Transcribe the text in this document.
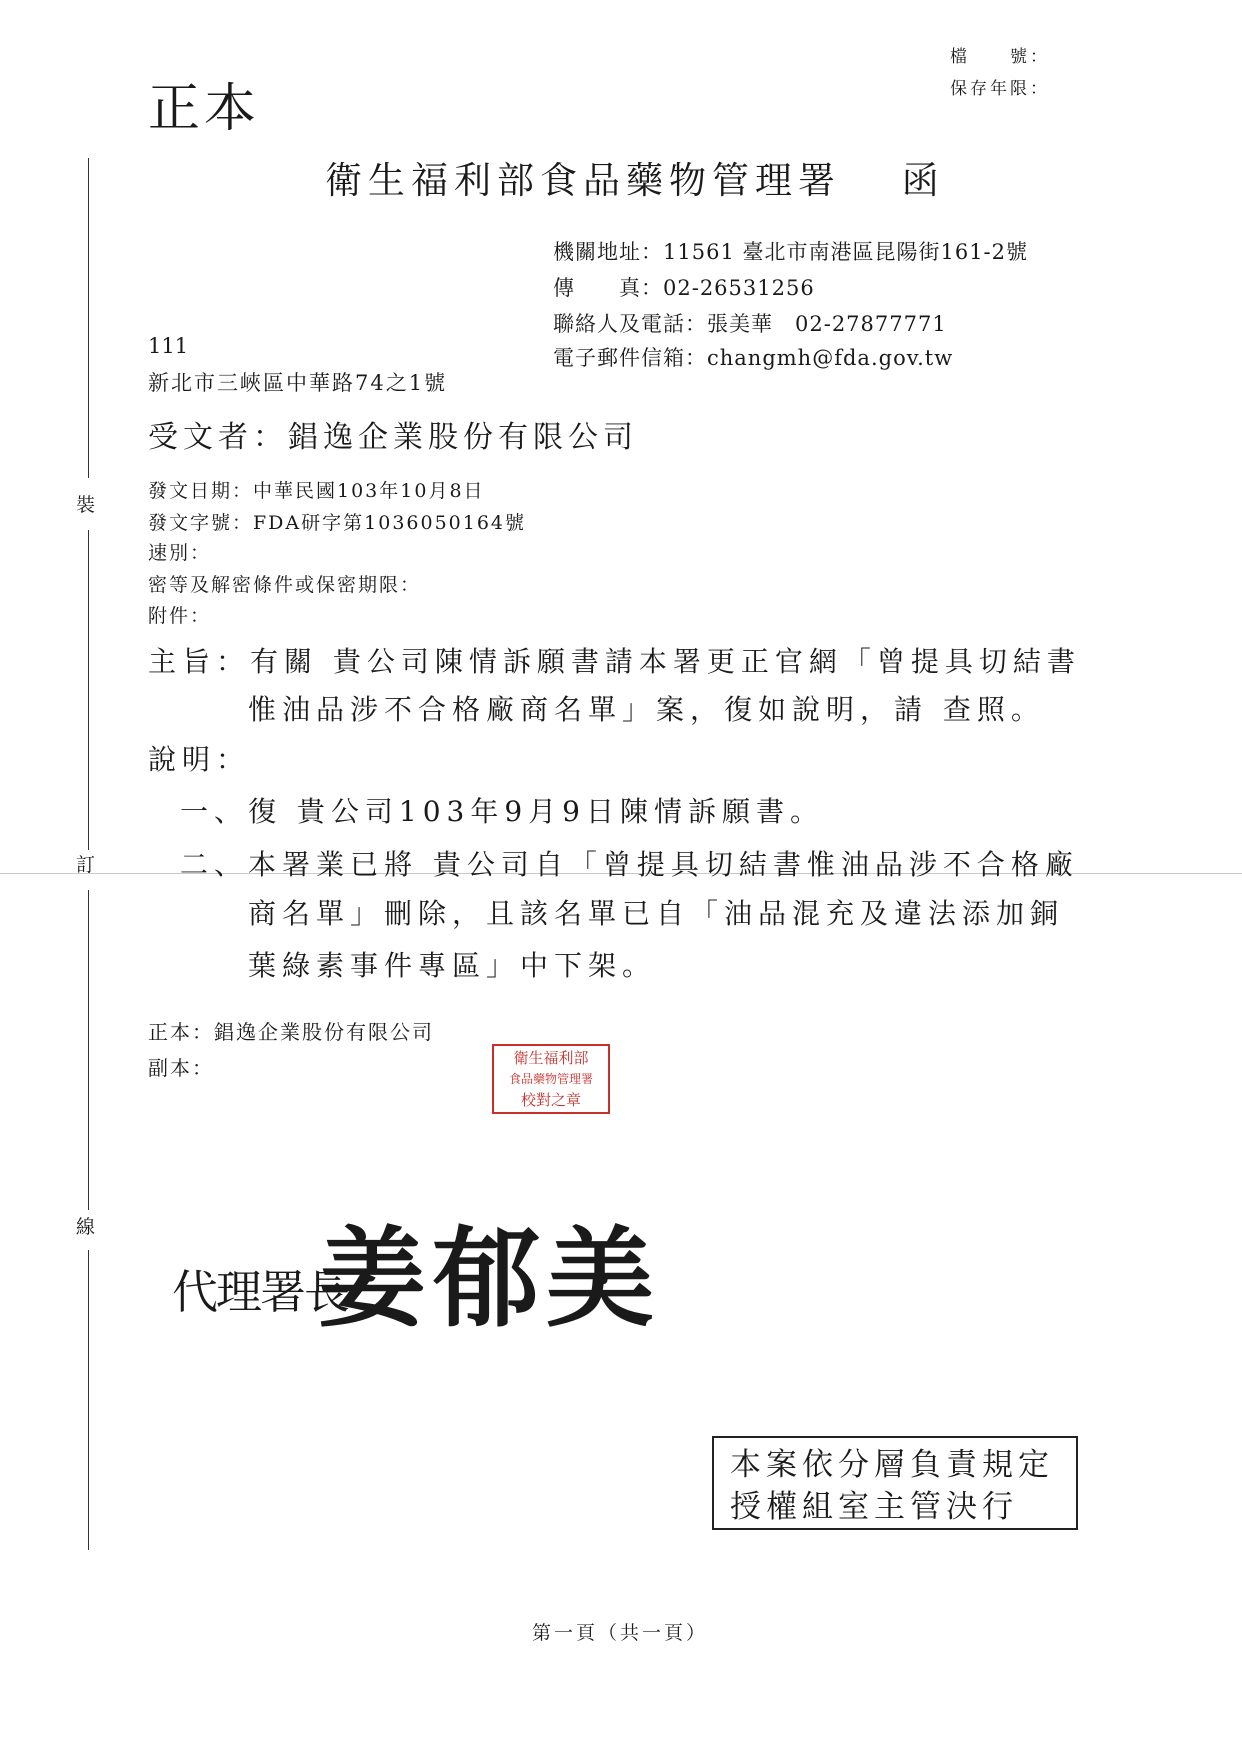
裝
訂
線
正本
檔　　號：
保存年限：
衛生福利部食品藥物管理署　 函
機關地址：11561 臺北市南港區昆陽街161-2號
傳　　真：02-26531256
聯絡人及電話：張美華　02-27877771
電子郵件信箱：changmh@fda.gov.tw
111
新北市三峽區中華路74之1號
受文者：錩逸企業股份有限公司
發文日期：中華民國103年10月8日
發文字號：FDA研字第1036050164號
速別：
密等及解密條件或保密期限：
附件：
主旨：有關 貴公司陳情訴願書請本署更正官網「曾提具切結書
惟油品涉不合格廠商名單」案，復如說明，請 查照。
說明：
一、復 貴公司103年9月9日陳情訴願書。
二、本署業已將 貴公司自「曾提具切結書惟油品涉不合格廠
商名單」刪除，且該名單已自「油品混充及違法添加銅
葉綠素事件專區」中下架。
正本：錩逸企業股份有限公司
副本：	衛生福利部
食品藥物管理署
校對之章
代理署長
姜郁美
本案依分層負責規定
授權組室主管決行
第一頁（共一頁）
